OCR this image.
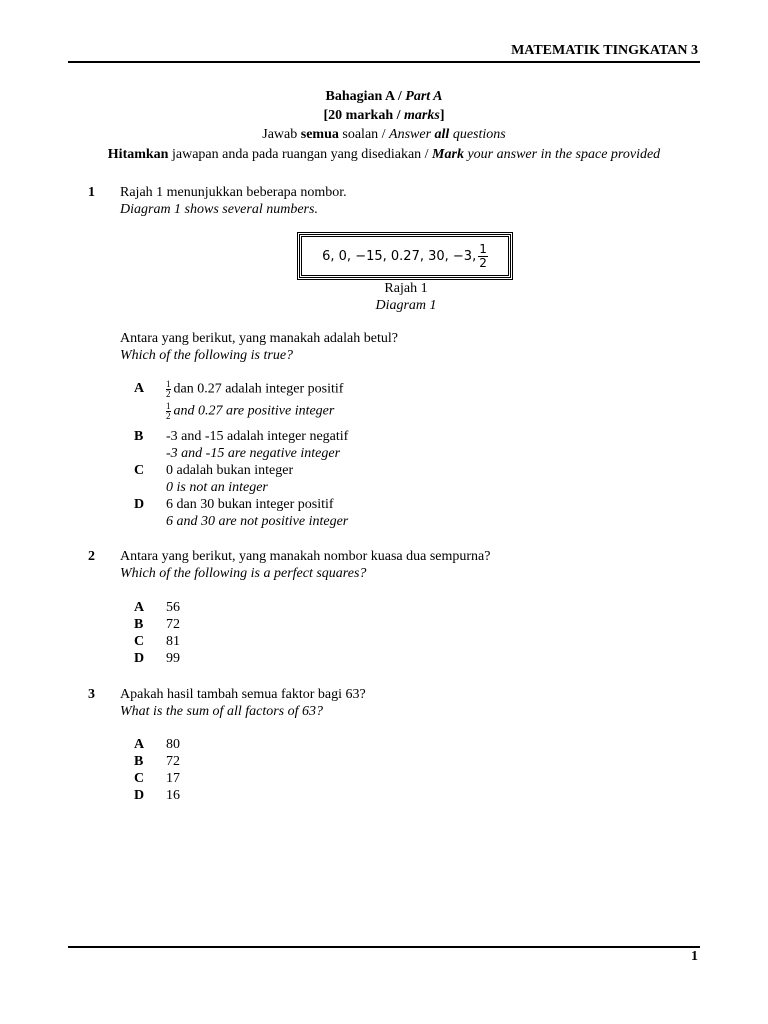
MATEMATIK TINGKATAN 3
Bahagian A / Part A
[20 markah / marks]
Jawab semua soalan / Answer all questions
Hitamkan jawapan anda pada ruangan yang disediakan / Mark your answer in the space provided
1 Rajah 1 menunjukkan beberapa nombor.
Diagram 1 shows several numbers.
6, 0, −15, 0.27, 30, −3, $\frac{1}{2}$
Rajah 1
Diagram 1
Antara yang berikut, yang manakah adalah betul?
Which of the following is true?
A $\frac{1}{2}$ dan 0.27 adalah integer positif
$\frac{1}{2}$ and 0.27 are positive integer
B -3 and -15 adalah integer negatif
-3 and -15 are negative integer
C 0 adalah bukan integer
0 is not an integer
D 6 dan 30 bukan integer positif
6 and 30 are not positive integer
2 Antara yang berikut, yang manakah nombor kuasa dua sempurna?
Which of the following is a perfect squares?
A 56
B 72
C 81
D 99
3 Apakah hasil tambah semua faktor bagi 63?
What is the sum of all factors of 63?
A 80
B 72
C 17
D 16
1
